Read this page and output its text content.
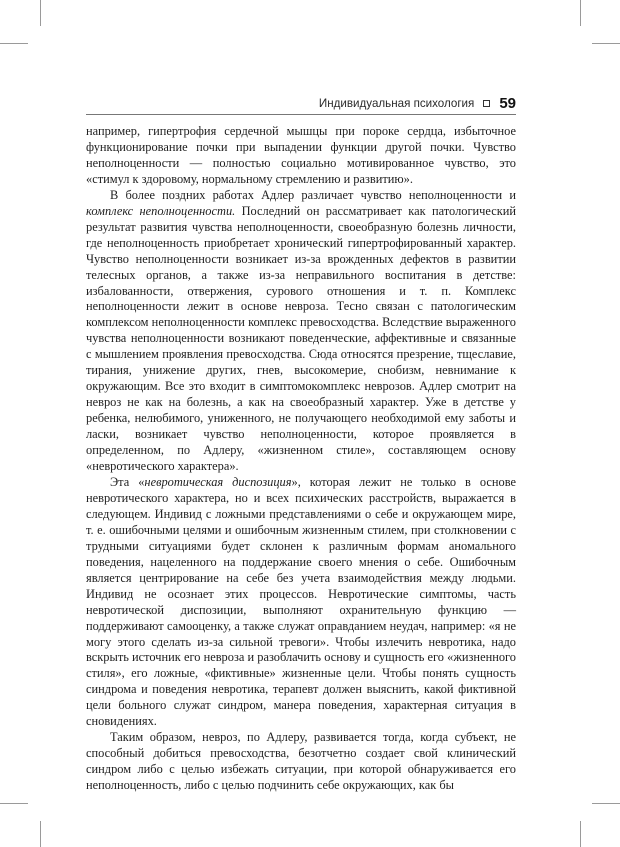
Индивидуальная психология 59

например, гипертрофия сердечной мышцы при пороке сердца, избыточное функционирование почки при выпадении функции другой почки. Чувство неполноценности — полностью социально мотивированное чувство, это «стимул к здоровому, нормальному стремлению и развитию».

В более поздних работах Адлер различает чувство неполноценности и комплекс неполноценности. Последний он рассматривает как патологический результат развития чувства неполноценности, своеобразную болезнь личности, где неполноценность приобретает хронический гипертрофированный характер. Чувство неполноценности возникает из-за врожденных дефектов в развитии телесных органов, а также из-за неправильного воспитания в детстве: избалованности, отвержения, сурового отношения и т. п. Комплекс неполноценности лежит в основе невроза. Тесно связан с патологическим комплексом неполноценности комплекс превосходства. Вследствие выраженного чувства неполноценности возникают поведенческие, аффективные и связанные с мышлением проявления превосходства. Сюда относятся презрение, тщеславие, тирания, унижение других, гнев, высокомерие, снобизм, невнимание к окружающим. Все это входит в симптомокомплекс неврозов. Адлер смотрит на невроз не как на болезнь, а как на своеобразный характер. Уже в детстве у ребенка, нелюбимого, униженного, не получающего необходимой ему заботы и ласки, возникает чувство неполноценности, которое проявляется в определенном, по Адлеру, «жизненном стиле», составляющем основу «невротического характера».

Эта «невротическая диспозиция», которая лежит не только в основе невротического характера, но и всех психических расстройств, выражается в следующем. Индивид с ложными представлениями о себе и окружающем мире, т. е. ошибочными целями и ошибочным жизненным стилем, при столкновении с трудными ситуациями будет склонен к различным формам аномального поведения, нацеленного на поддержание своего мнения о себе. Ошибочным является центрирование на себе без учета взаимодействия между людьми. Индивид не осознает этих процессов. Невротические симптомы, часть невротической диспозиции, выполняют охранительную функцию — поддерживают самооценку, а также служат оправданием неудач, например: «я не могу этого сделать из-за сильной тревоги». Чтобы излечить невротика, надо вскрыть источник его невроза и разоблачить основу и сущность его «жизненного стиля», его ложные, «фиктивные» жизненные цели. Чтобы понять сущность синдрома и поведения невротика, терапевт должен выяснить, какой фиктивной цели больного служат синдром, манера поведения, характерная ситуация в сновидениях.

Таким образом, невроз, по Адлеру, развивается тогда, когда субъект, не способный добиться превосходства, безотчетно создает свой клинический синдром либо с целью избежать ситуации, при которой обнаруживается его неполноценность, либо с целью подчинить себе окружающих, как бы
